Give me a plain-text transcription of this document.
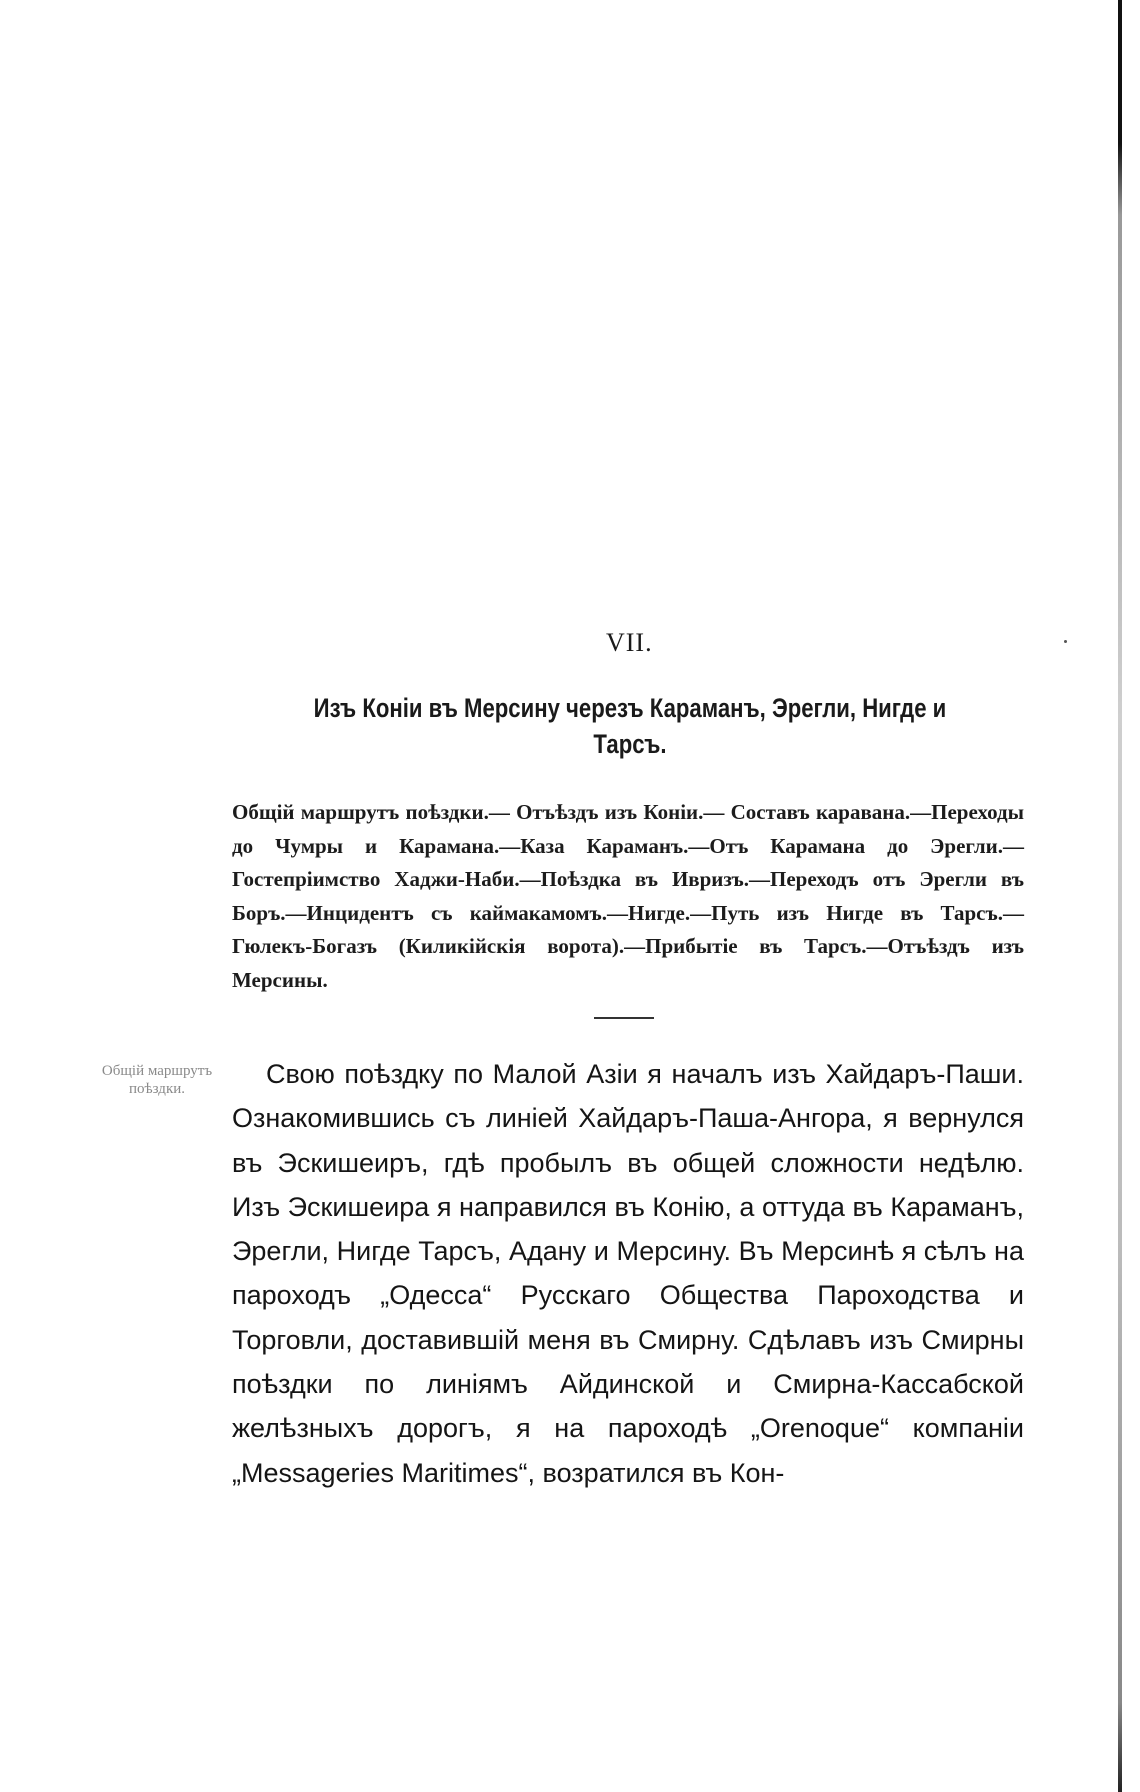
VII.
Изъ Коніи въ Мерсину черезъ Караманъ, Эрегли, Нигде и Тарсъ.
Общій маршрутъ поѣздки.— Отъѣздъ изъ Коніи.— Составъ каравана.—Переходы до Чумры и Карамана.—Каза Караманъ.—Отъ Карамана до Эрегли.—Гостепріимство Хаджи-Наби.—Поѣздка въ Ивризъ.—Переходъ отъ Эрегли въ Боръ.—Инцидентъ съ каймакамомъ.—Нигде.—Путь изъ Нигде въ Тарсъ.—Гюлекъ-Богазъ (Киликійскія ворота).—Прибытіе въ Тарсъ.—Отъѣздъ изъ Мерсины.
Общій маршрутъ поѣздки.	Свою поѣздку по Малой Азіи я началъ изъ Хайдаръ-Паши. Ознакомившись съ линіей Хайдаръ-Паша-Ангора, я вернулся въ Эскишеиръ, гдѣ пробылъ въ общей сложности недѣлю. Изъ Эскишеира я направился въ Конію, а оттуда въ Караманъ, Эрегли, Нигде Тарсъ, Адану и Мерсину. Въ Мерсинѣ я сѣлъ на пароходъ „Одесса“ Русскаго Общества Пароходства и Торговли, доставившій меня въ Смирну. Сдѣлавъ изъ Смирны поѣздки по линіямъ Айдинской и Смирна-Кассабской желѣзныхъ дорогъ, я на пароходѣ „Orenoque“ компаніи „Messageries Maritimes“, возратился въ Кон-
